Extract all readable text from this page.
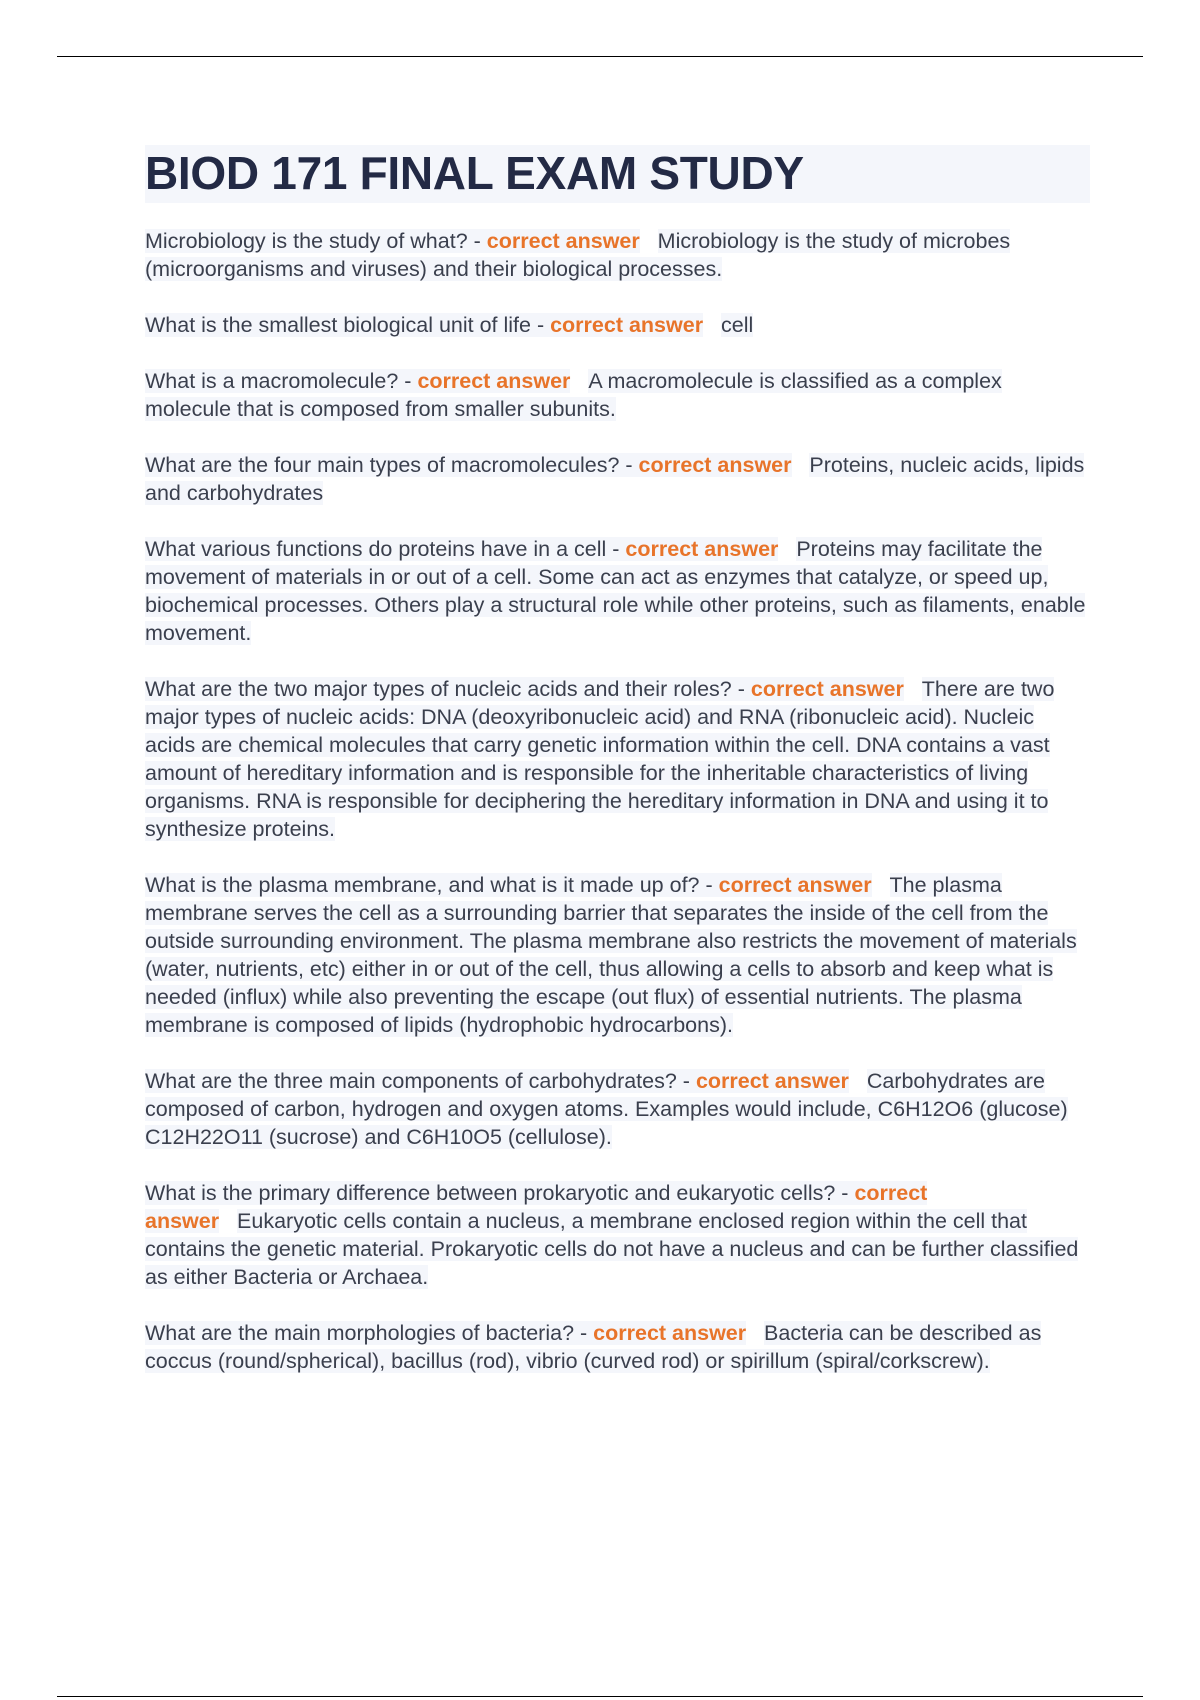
BIOD 171 FINAL EXAM STUDY

Microbiology is the study of what? - correct answer Microbiology is the study of microbes (microorganisms and viruses) and their biological processes.

What is the smallest biological unit of life - correct answer cell

What is a macromolecule? - correct answer A macromolecule is classified as a complex molecule that is composed from smaller subunits.

What are the four main types of macromolecules? - correct answer Proteins, nucleic acids, lipids and carbohydrates

What various functions do proteins have in a cell - correct answer Proteins may facilitate the movement of materials in or out of a cell. Some can act as enzymes that catalyze, or speed up, biochemical processes. Others play a structural role while other proteins, such as filaments, enable movement.

What are the two major types of nucleic acids and their roles? - correct answer There are two major types of nucleic acids: DNA (deoxyribonucleic acid) and RNA (ribonucleic acid). Nucleic acids are chemical molecules that carry genetic information within the cell. DNA contains a vast amount of hereditary information and is responsible for the inheritable characteristics of living organisms. RNA is responsible for deciphering the hereditary information in DNA and using it to synthesize proteins.

What is the plasma membrane, and what is it made up of? - correct answer The plasma membrane serves the cell as a surrounding barrier that separates the inside of the cell from the outside surrounding environment. The plasma membrane also restricts the movement of materials (water, nutrients, etc) either in or out of the cell, thus allowing a cells to absorb and keep what is needed (influx) while also preventing the escape (out flux) of essential nutrients. The plasma membrane is composed of lipids (hydrophobic hydrocarbons).

What are the three main components of carbohydrates? - correct answer Carbohydrates are composed of carbon, hydrogen and oxygen atoms. Examples would include, C6H12O6 (glucose) C12H22O11 (sucrose) and C6H10O5 (cellulose).

What is the primary difference between prokaryotic and eukaryotic cells? - correct answer Eukaryotic cells contain a nucleus, a membrane enclosed region within the cell that contains the genetic material. Prokaryotic cells do not have a nucleus and can be further classified as either Bacteria or Archaea.

What are the main morphologies of bacteria? - correct answer Bacteria can be described as coccus (round/spherical), bacillus (rod), vibrio (curved rod) or spirillum (spiral/corkscrew).
